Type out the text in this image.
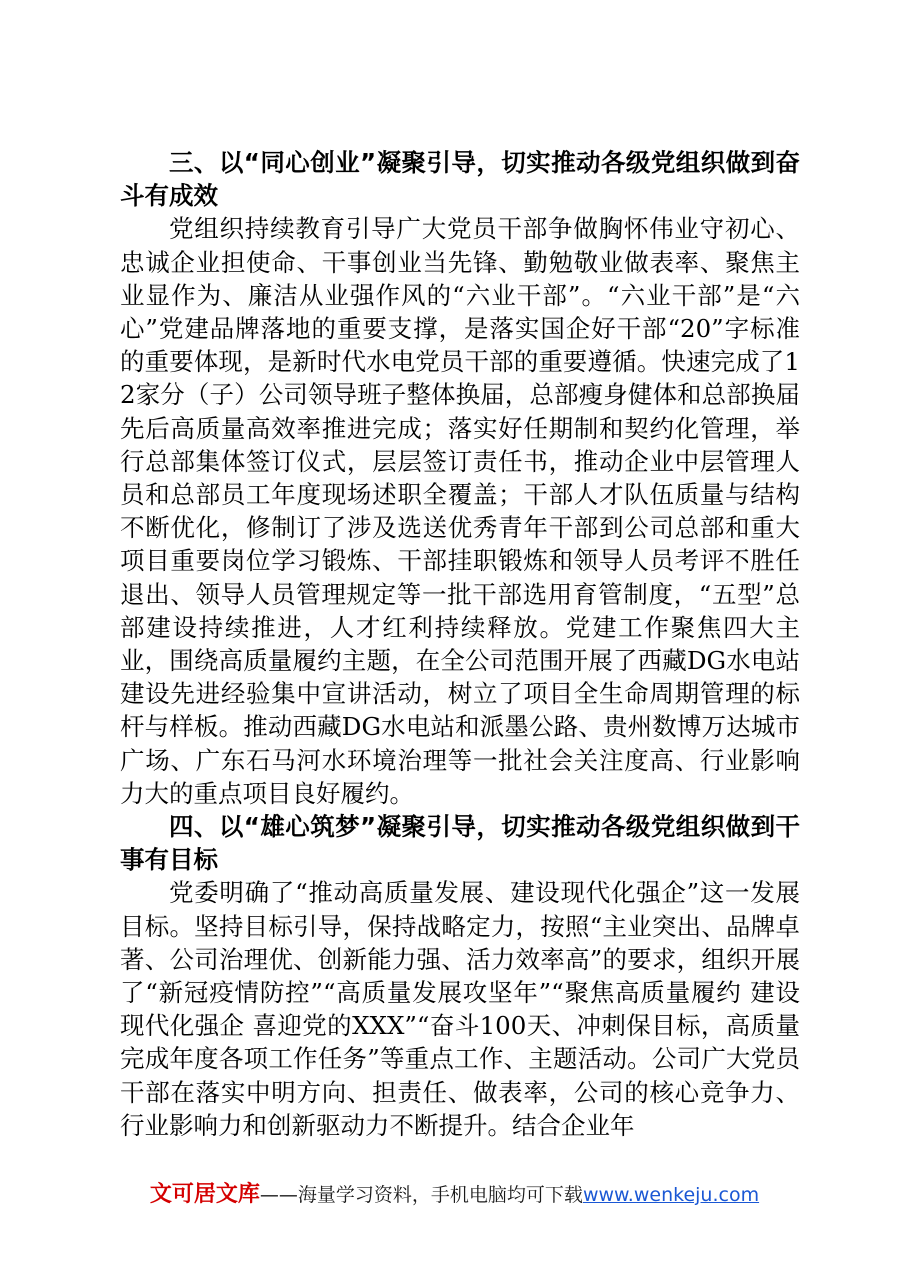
三、以“同心创业”凝聚引导，切实推动各级党组织做到奋斗有成效

党组织持续教育引导广大党员干部争做胸怀伟业守初心、忠诚企业担使命、干事创业当先锋、勤勉敬业做表率、聚焦主业显作为、廉洁从业强作风的“六业干部”。“六业干部”是“六心”党建品牌落地的重要支撑，是落实国企好干部“20”字标准的重要体现，是新时代水电党员干部的重要遵循。快速完成了12家分（子）公司领导班子整体换届，总部瘦身健体和总部换届先后高质量高效率推进完成；落实好任期制和契约化管理，举行总部集体签订仪式，层层签订责任书，推动企业中层管理人员和总部员工年度现场述职全覆盖；干部人才队伍质量与结构不断优化，修制订了涉及选送优秀青年干部到公司总部和重大项目重要岗位学习锻炼、干部挂职锻炼和领导人员考评不胜任退出、领导人员管理规定等一批干部选用育管制度，“五型”总部建设持续推进，人才红利持续释放。党建工作聚焦四大主业，围绕高质量履约主题，在全公司范围开展了西藏DG水电站建设先进经验集中宣讲活动，树立了项目全生命周期管理的标杆与样板。推动西藏DG水电站和派墨公路、贵州数博万达城市广场、广东石马河水环境治理等一批社会关注度高、行业影响力大的重点项目良好履约。

四、以“雄心筑梦”凝聚引导，切实推动各级党组织做到干事有目标

党委明确了“推动高质量发展、建设现代化强企”这一发展目标。坚持目标引导，保持战略定力，按照“主业突出、品牌卓著、公司治理优、创新能力强、活力效率高”的要求，组织开展了“新冠疫情防控”“高质量发展攻坚年”“聚焦高质量履约 建设现代化强企 喜迎党的XXX”“奋斗100天、冲刺保目标，高质量完成年度各项工作任务”等重点工作、主题活动。公司广大党员干部在落实中明方向、担责任、做表率，公司的核心竞争力、行业影响力和创新驱动力不断提升。结合企业年

文可居文库——海量学习资料，手机电脑均可下载www.wenkeju.com
